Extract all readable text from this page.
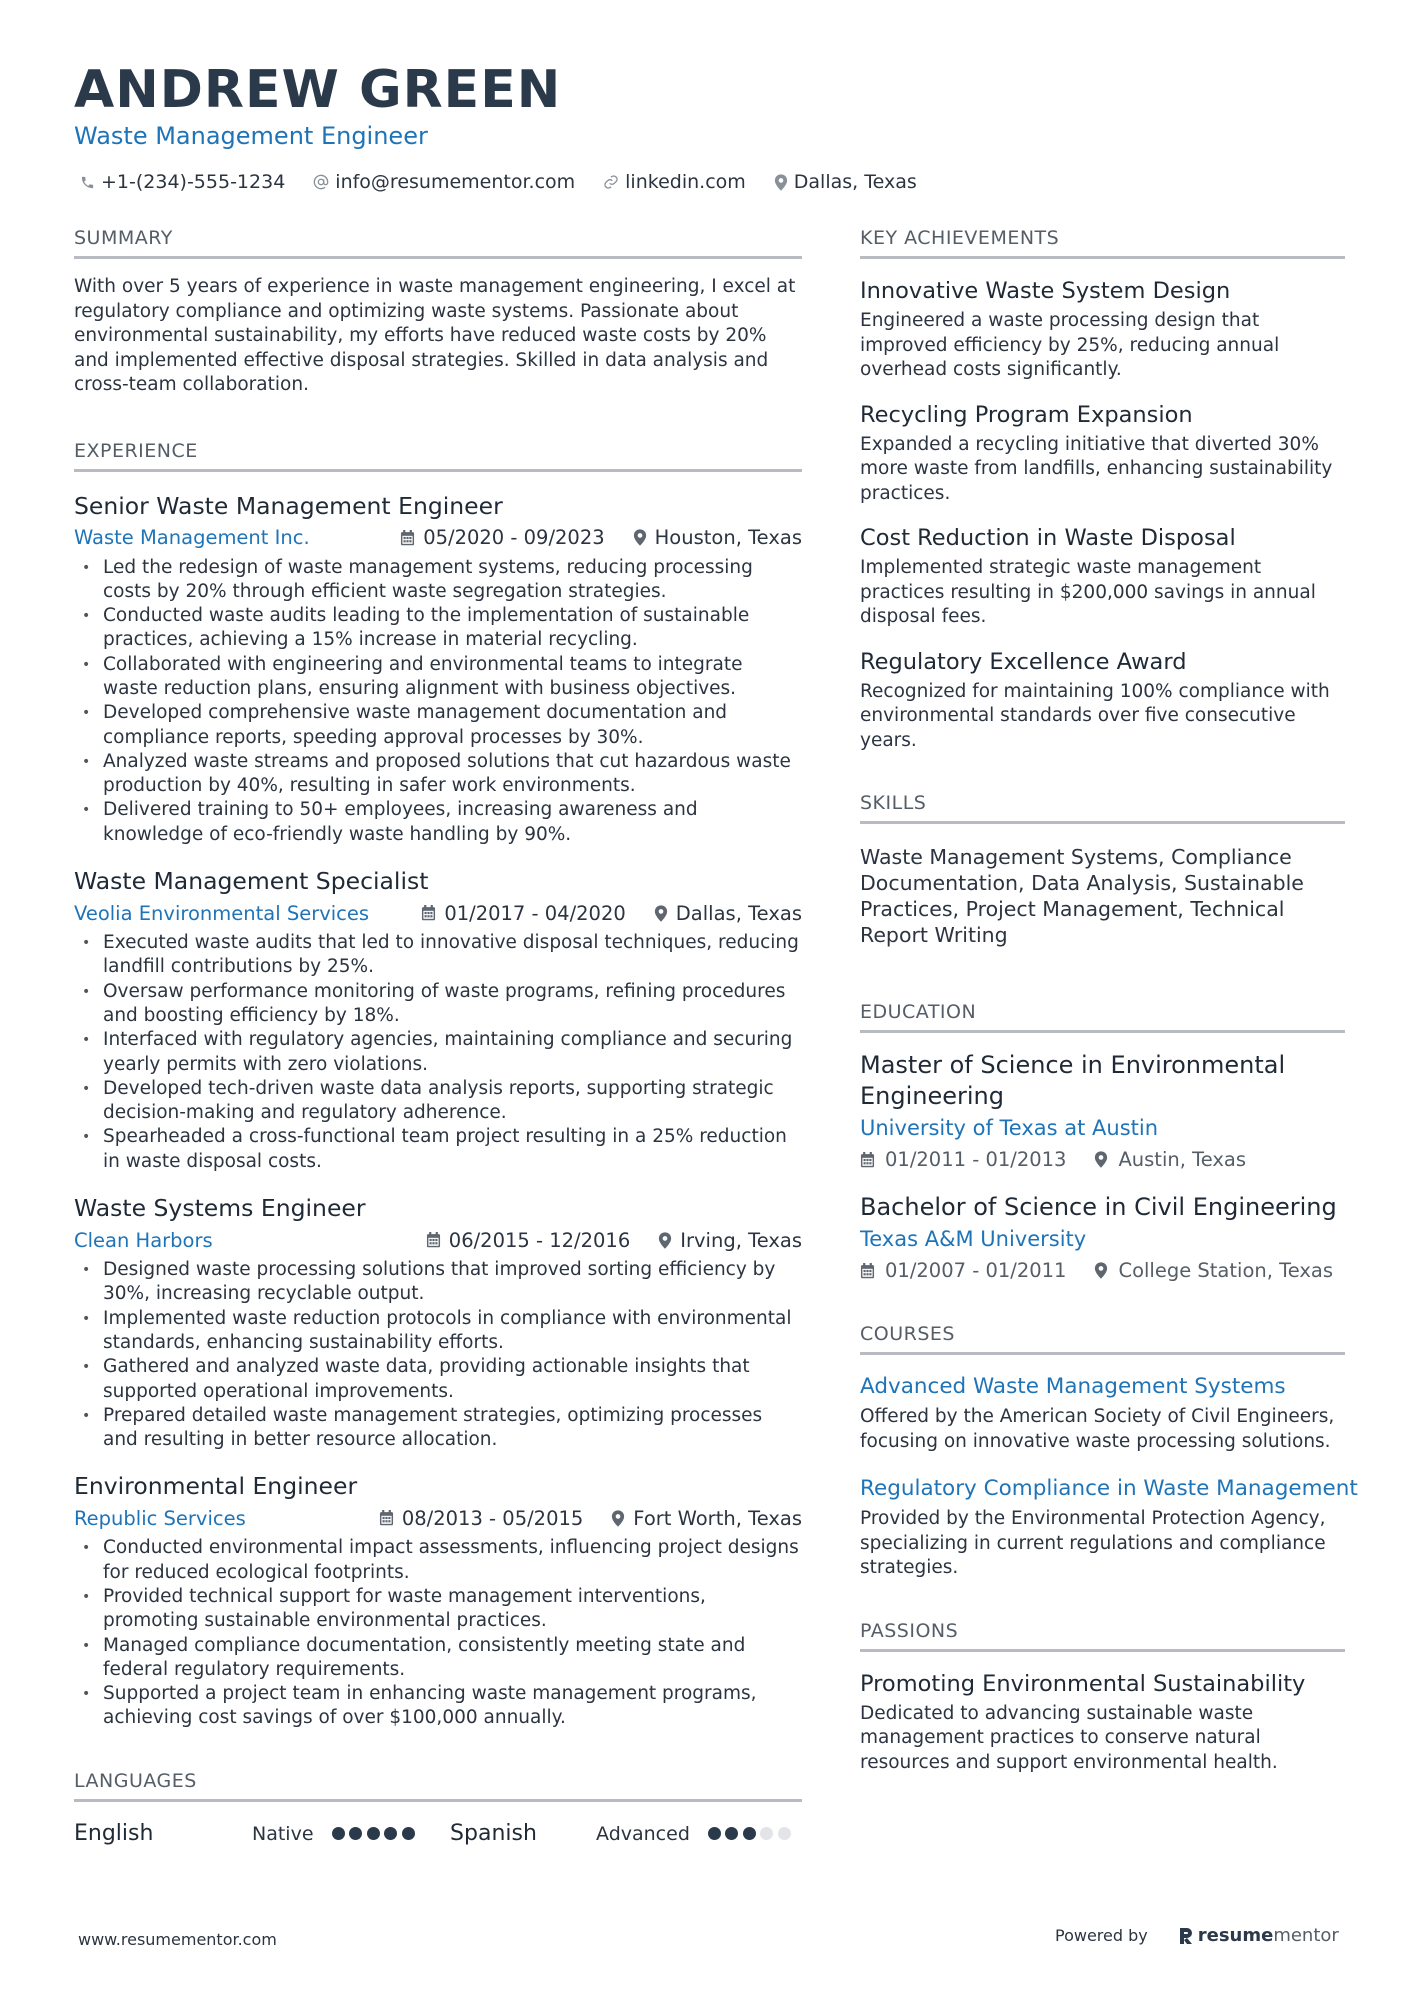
ANDREW GREEN
Waste Management Engineer
+1-(234)-555-1234	info@resumementor.com	linkedin.com	Dallas, Texas
SUMMARY
With over 5 years of experience in waste management engineering, I excel at regulatory compliance and optimizing waste systems. Passionate about environmental sustainability, my efforts have reduced waste costs by 20% and implemented effective disposal strategies. Skilled in data analysis and cross-team collaboration.
EXPERIENCE
Senior Waste Management Engineer
Waste Management Inc.	05/2020 - 09/2023	Houston, Texas
• Led the redesign of waste management systems, reducing processing costs by 20% through efficient waste segregation strategies.
• Conducted waste audits leading to the implementation of sustainable practices, achieving a 15% increase in material recycling.
• Collaborated with engineering and environmental teams to integrate waste reduction plans, ensuring alignment with business objectives.
• Developed comprehensive waste management documentation and compliance reports, speeding approval processes by 30%.
• Analyzed waste streams and proposed solutions that cut hazardous waste production by 40%, resulting in safer work environments.
• Delivered training to 50+ employees, increasing awareness and knowledge of eco-friendly waste handling by 90%.
Waste Management Specialist
Veolia Environmental Services	01/2017 - 04/2020	Dallas, Texas
• Executed waste audits that led to innovative disposal techniques, reducing landfill contributions by 25%.
• Oversaw performance monitoring of waste programs, refining procedures and boosting efficiency by 18%.
• Interfaced with regulatory agencies, maintaining compliance and securing yearly permits with zero violations.
• Developed tech-driven waste data analysis reports, supporting strategic decision-making and regulatory adherence.
• Spearheaded a cross-functional team project resulting in a 25% reduction in waste disposal costs.
Waste Systems Engineer
Clean Harbors	06/2015 - 12/2016	Irving, Texas
• Designed waste processing solutions that improved sorting efficiency by 30%, increasing recyclable output.
• Implemented waste reduction protocols in compliance with environmental standards, enhancing sustainability efforts.
• Gathered and analyzed waste data, providing actionable insights that supported operational improvements.
• Prepared detailed waste management strategies, optimizing processes and resulting in better resource allocation.
Environmental Engineer
Republic Services	08/2013 - 05/2015	Fort Worth, Texas
• Conducted environmental impact assessments, influencing project designs for reduced ecological footprints.
• Provided technical support for waste management interventions, promoting sustainable environmental practices.
• Managed compliance documentation, consistently meeting state and federal regulatory requirements.
• Supported a project team in enhancing waste management programs, achieving cost savings of over $100,000 annually.
LANGUAGES
English	Native	Spanish	Advanced
KEY ACHIEVEMENTS
Innovative Waste System Design
Engineered a waste processing design that improved efficiency by 25%, reducing annual overhead costs significantly.
Recycling Program Expansion
Expanded a recycling initiative that diverted 30% more waste from landfills, enhancing sustainability practices.
Cost Reduction in Waste Disposal
Implemented strategic waste management practices resulting in $200,000 savings in annual disposal fees.
Regulatory Excellence Award
Recognized for maintaining 100% compliance with environmental standards over five consecutive years.
SKILLS
Waste Management Systems, Compliance Documentation, Data Analysis, Sustainable Practices, Project Management, Technical Report Writing
EDUCATION
Master of Science in Environmental Engineering
University of Texas at Austin
01/2011 - 01/2013	Austin, Texas
Bachelor of Science in Civil Engineering
Texas A&M University
01/2007 - 01/2011	College Station, Texas
COURSES
Advanced Waste Management Systems
Offered by the American Society of Civil Engineers, focusing on innovative waste processing solutions.
Regulatory Compliance in Waste Management
Provided by the Environmental Protection Agency, specializing in current regulations and compliance strategies.
PASSIONS
Promoting Environmental Sustainability
Dedicated to advancing sustainable waste management practices to conserve natural resources and support environmental health.
www.resumementor.com	Powered by	resume mentor
